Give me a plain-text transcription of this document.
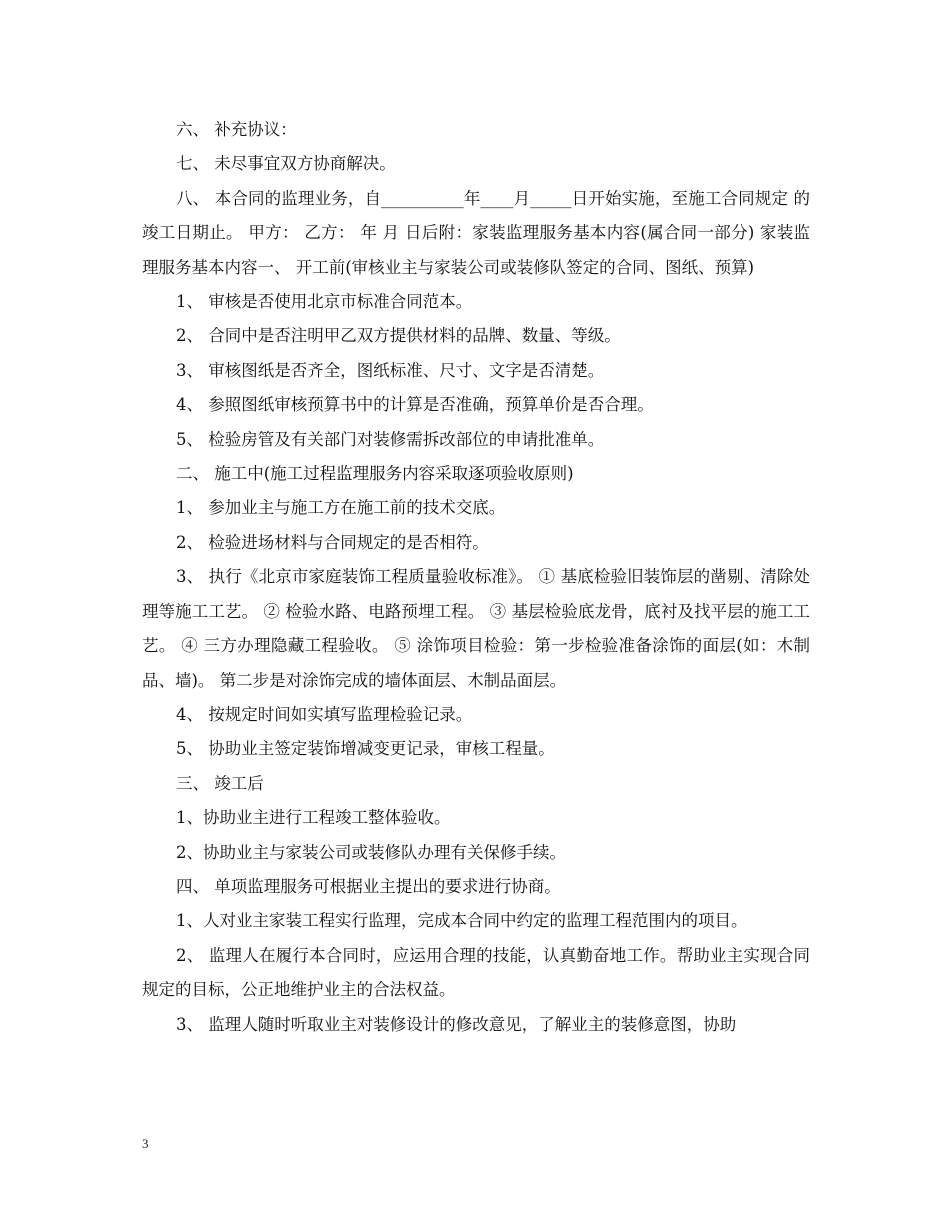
六、 补充协议：

七、 未尽事宜双方协商解决。

八、 本合同的监理业务，自__________年____月_____日开始实施，至施工合同规定 的 竣工日期止。 甲方： 乙方： 年 月 日后附：家装监理服务基本内容(属合同一部分) 家装监理服务基本内容一、 开工前(审核业主与家装公司或装修队签定的合同、图纸、预算)

1、 审核是否使用北京市标准合同范本。

2、 合同中是否注明甲乙双方提供材料的品牌、数量、等级。

3、 审核图纸是否齐全，图纸标准、尺寸、文字是否清楚。

4、 参照图纸审核预算书中的计算是否准确，预算单价是否合理。

5、 检验房管及有关部门对装修需拆改部位的申请批准单。

二、 施工中(施工过程监理服务内容采取逐项验收原则)

1、 参加业主与施工方在施工前的技术交底。

2、 检验进场材料与合同规定的是否相符。

3、 执行《北京市家庭装饰工程质量验收标准》。 ① 基底检验旧装饰层的凿剔、清除处理等施工工艺。 ② 检验水路、电路预埋工程。 ③ 基层检验底龙骨，底衬及找平层的施工工艺。 ④ 三方办理隐藏工程验收。 ⑤ 涂饰项目检验：第一步检验准备涂饰的面层(如：木制品、墙)。 第二步是对涂饰完成的墙体面层、木制品面层。

4、 按规定时间如实填写监理检验记录。

5、 协助业主签定装饰增减变更记录，审核工程量。

三、 竣工后

1、协助业主进行工程竣工整体验收。

2、协助业主与家装公司或装修队办理有关保修手续。

四、 单项监理服务可根据业主提出的要求进行协商。

1、人对业主家装工程实行监理，完成本合同中约定的监理工程范围内的项目。

2、 监理人在履行本合同时，应运用合理的技能，认真勤奋地工作。帮助业主实现合同规定的目标，公正地维护业主的合法权益。

3、 监理人随时听取业主对装修设计的修改意见，了解业主的装修意图，协助

3
